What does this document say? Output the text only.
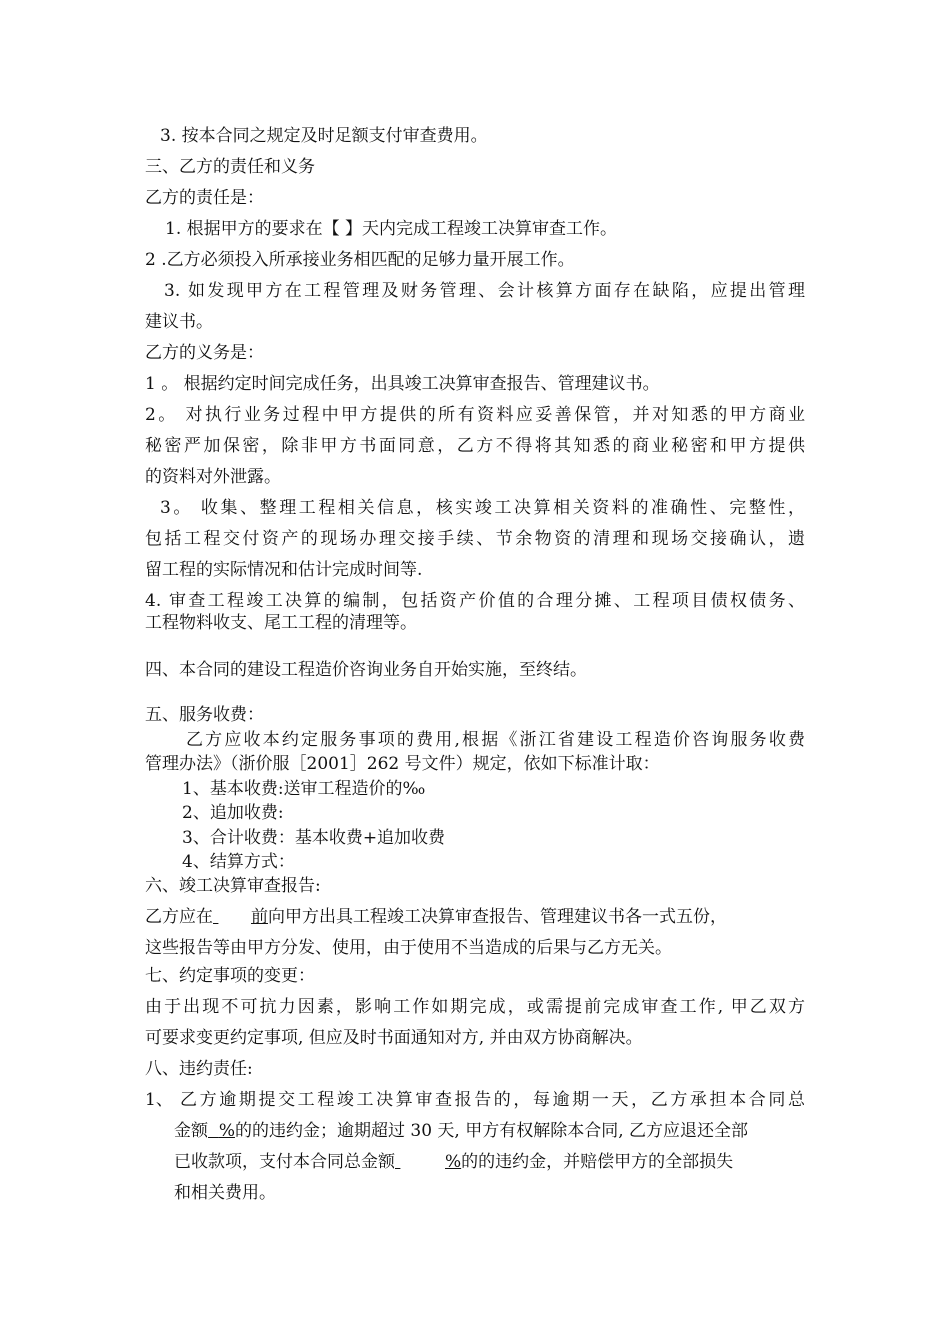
3. 按本合同之规定及时足额支付审查费用。
三、乙方的责任和义务
乙方的责任是：
1. 根据甲方的要求在【 】天内完成工程竣工决算审查工作。
2 .乙方必须投入所承接业务相匹配的足够力量开展工作。
3. 如发现甲方在工程管理及财务管理、会计核算方面存在缺陷，应提出管理
建议书。
乙方的义务是：
1 。 根据约定时间完成任务，出具竣工决算审查报告、管理建议书。
2。 对执行业务过程中甲方提供的所有资料应妥善保管，并对知悉的甲方商业
秘密严加保密，除非甲方书面同意，乙方不得将其知悉的商业秘密和甲方提供
的资料对外泄露。
3。 收集、整理工程相关信息，核实竣工决算相关资料的准确性、完整性，
包括工程交付资产的现场办理交接手续、节余物资的清理和现场交接确认，遗
留工程的实际情况和估计完成时间等.
4. 审查工程竣工决算的编制，包括资产价值的合理分摊、工程项目债权债务、
工程物料收支、尾工工程的清理等。
四、本合同的建设工程造价咨询业务自开始实施，至终结。
五、服务收费：
乙方应收本约定服务事项的费用,根据《浙江省建设工程造价咨询服务收费
管理办法》（浙价服［2001］262 号文件）规定，依如下标准计取：
1、基本收费:送审工程造价的‰
2、追加收费:
3、合计收费：基本收费+追加收费
4、结算方式：
六、竣工决算审查报告:
乙方应在 前向甲方出具工程竣工决算审查报告、管理建议书各一式五份，
这些报告等由甲方分发、使用，由于使用不当造成的后果与乙方无关。
七、约定事项的变更：
由于出现不可抗力因素，影响工作如期完成，或需提前完成审查工作, 甲乙双方
可要求变更约定事项, 但应及时书面通知对方, 并由双方协商解决。
八、违约责任:
1、 乙方逾期提交工程竣工决算审查报告的，每逾期一天，乙方承担本合同总
金额 %的的违约金；逾期超过 30 天, 甲方有权解除本合同, 乙方应退还全部
已收款项，支付本合同总金额	%的的违约金，并赔偿甲方的全部损失
和相关费用。
